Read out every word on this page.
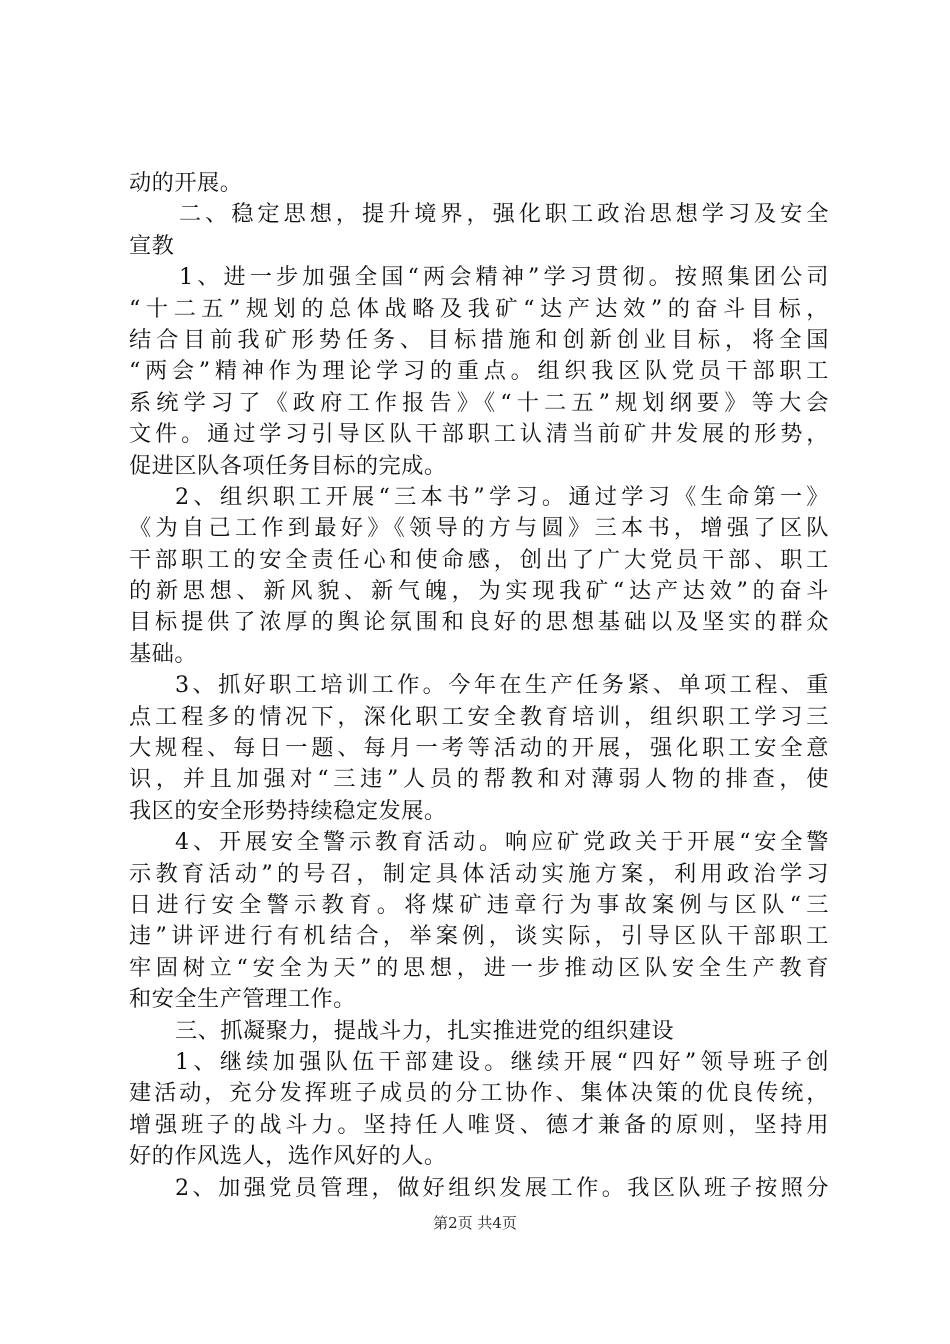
动的开展。
二、稳定思想，提升境界，强化职工政治思想学习及安全
宣教
1、进一步加强全国“两会精神”学习贯彻。按照集团公司
“十二五”规划的总体战略及我矿“达产达效”的奋斗目标，
结合目前我矿形势任务、目标措施和创新创业目标，将全国
“两会”精神作为理论学习的重点。组织我区队党员干部职工
系统学习了《政府工作报告》《“十二五”规划纲要》等大会
文件。通过学习引导区队干部职工认清当前矿井发展的形势，
促进区队各项任务目标的完成。
2、组织职工开展“三本书”学习。通过学习《生命第一》
《为自己工作到最好》《领导的方与圆》三本书，增强了区队
干部职工的安全责任心和使命感，创出了广大党员干部、职工
的新思想、新风貌、新气魄，为实现我矿“达产达效”的奋斗
目标提供了浓厚的舆论氛围和良好的思想基础以及坚实的群众
基础。
3、抓好职工培训工作。今年在生产任务紧、单项工程、重
点工程多的情况下，深化职工安全教育培训，组织职工学习三
大规程、每日一题、每月一考等活动的开展，强化职工安全意
识，并且加强对“三违”人员的帮教和对薄弱人物的排查，使
我区的安全形势持续稳定发展。
4、开展安全警示教育活动。响应矿党政关于开展“安全警
示教育活动”的号召，制定具体活动实施方案，利用政治学习
日进行安全警示教育。将煤矿违章行为事故案例与区队“三
违”讲评进行有机结合，举案例，谈实际，引导区队干部职工
牢固树立“安全为天”的思想，进一步推动区队安全生产教育
和安全生产管理工作。
三、抓凝聚力，提战斗力，扎实推进党的组织建设
1、继续加强队伍干部建设。继续开展“四好”领导班子创
建活动，充分发挥班子成员的分工协作、集体决策的优良传统，
增强班子的战斗力。坚持任人唯贤、德才兼备的原则，坚持用
好的作风选人，选作风好的人。
2、加强党员管理，做好组织发展工作。我区队班子按照分
第2页 共4页
